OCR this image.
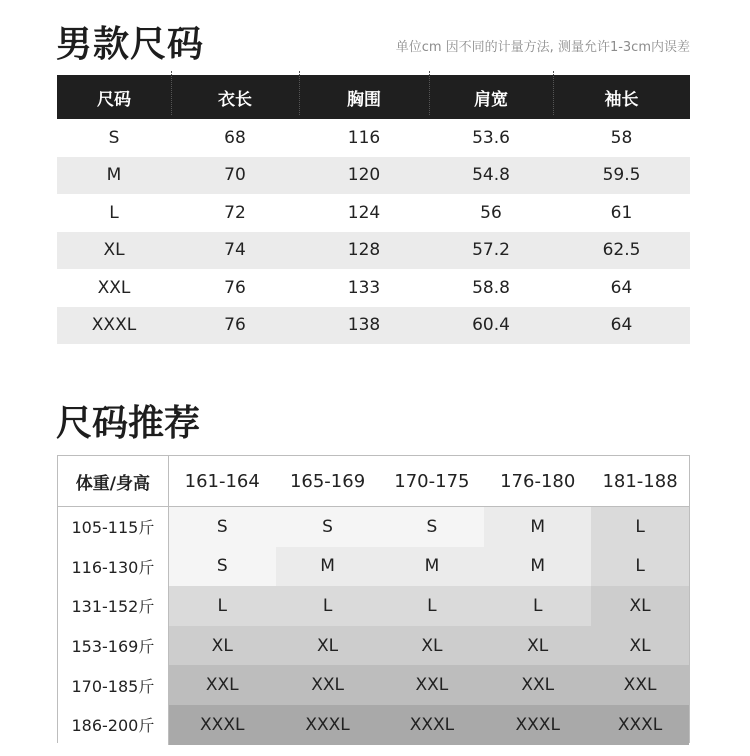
男款尺码	单位cm 因不同的计量方法, 测量允许1-3cm内误差
尺码	衣长	胸围	肩宽	袖长
S	68	116	53.6	58
M	70	120	54.8	59.5
L	72	124	56	61
XL	74	128	57.2	62.5
XXL	76	133	58.8	64
XXXL	76	138	60.4	64
尺码推荐
体重/身高	161-164	165-169	170-175	176-180	181-188
105-115斤	S	S	S	M	L
116-130斤	S	M	M	M	L
131-152斤	L	L	L	L	XL
153-169斤	XL	XL	XL	XL	XL
170-185斤	XXL	XXL	XXL	XXL	XXL
186-200斤	XXXL	XXXL	XXXL	XXXL	XXXL
